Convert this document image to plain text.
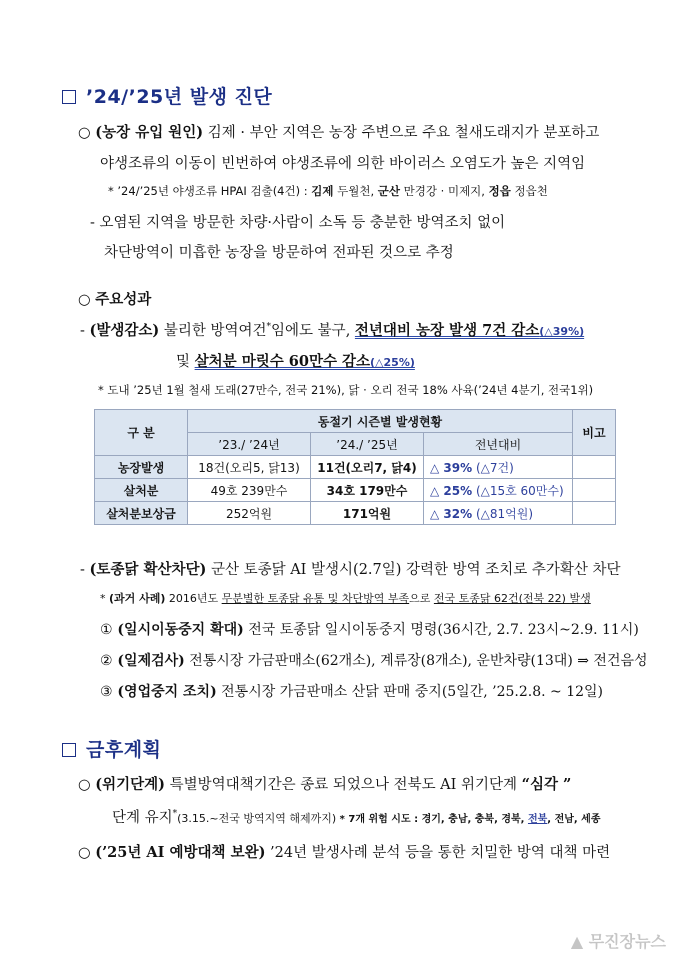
’24/’25년 발생 진단
○ (농장 유입 원인) 김제 · 부안 지역은 농장 주변으로 주요 철새도래지가 분포하고
야생조류의 이동이 빈번하여 야생조류에 의한 바이러스 오염도가 높은 지역임
* ’24/’25년 야생조류 HPAI 검출(4건) : 김제 두월천, 군산 만경강 · 미제지, 정읍 정읍천
- 오염된 지역을 방문한 차량·사람이 소독 등 충분한 방역조치 없이
차단방역이 미흡한 농장을 방문하여 전파된 것으로 추정
○ 주요성과
- (발생감소) 불리한 방역여건*임에도 불구, 전년대비 농장 발생 7건 감소(△39%)
및 살처분 마릿수 60만수 감소(△25%)
* 도내 ’25년 1월 철새 도래(27만수, 전국 21%), 닭 · 오리 전국 18% 사육(’24년 4분기, 전국1위)
구 분	동절기 시즌별 발생현황			비고
	’23./ ’24년	’24./ ’25년	전년대비	
농장발생	18건(오리5, 닭13)	11건(오리7, 닭4)	△ 39% (△7건)	
살처분	49호 239만수	34호 179만수	△ 25% (△15호 60만수)	
살처분보상금	252억원	171억원	△ 32% (△81억원)	
- (토종닭 확산차단) 군산 토종닭 AI 발생시(2.7일) 강력한 방역 조치로 추가확산 차단
* (과거 사례) 2016년도 무분별한 토종닭 유통 및 차단방역 부족으로 전국 토종닭 62건(전북 22) 발생
① (일시이동중지 확대) 전국 토종닭 일시이동중지 명령(36시간, 2.7. 23시~2.9. 11시)
② (일제검사) 전통시장 가금판매소(62개소), 계류장(8개소), 운반차량(13대) ⇒ 전건음성
③ (영업중지 조치) 전통시장 가금판매소 산닭 판매 중지(5일간, ’25.2.8. ~ 12일)
금후계획
○ (위기단계) 특별방역대책기간은 종료 되었으나 전북도 AI 위기단계 “심각 ”
단계 유지*(3.15.~전국 방역지역 해제까지) * 7개 위험 시도 : 경기, 충남, 충북, 경북, 전북, 전남, 세종
○ (’25년 AI 예방대책 보완) ’24년 발생사례 분석 등을 통한 치밀한 방역 대책 마련
▲ 무진장뉴스
